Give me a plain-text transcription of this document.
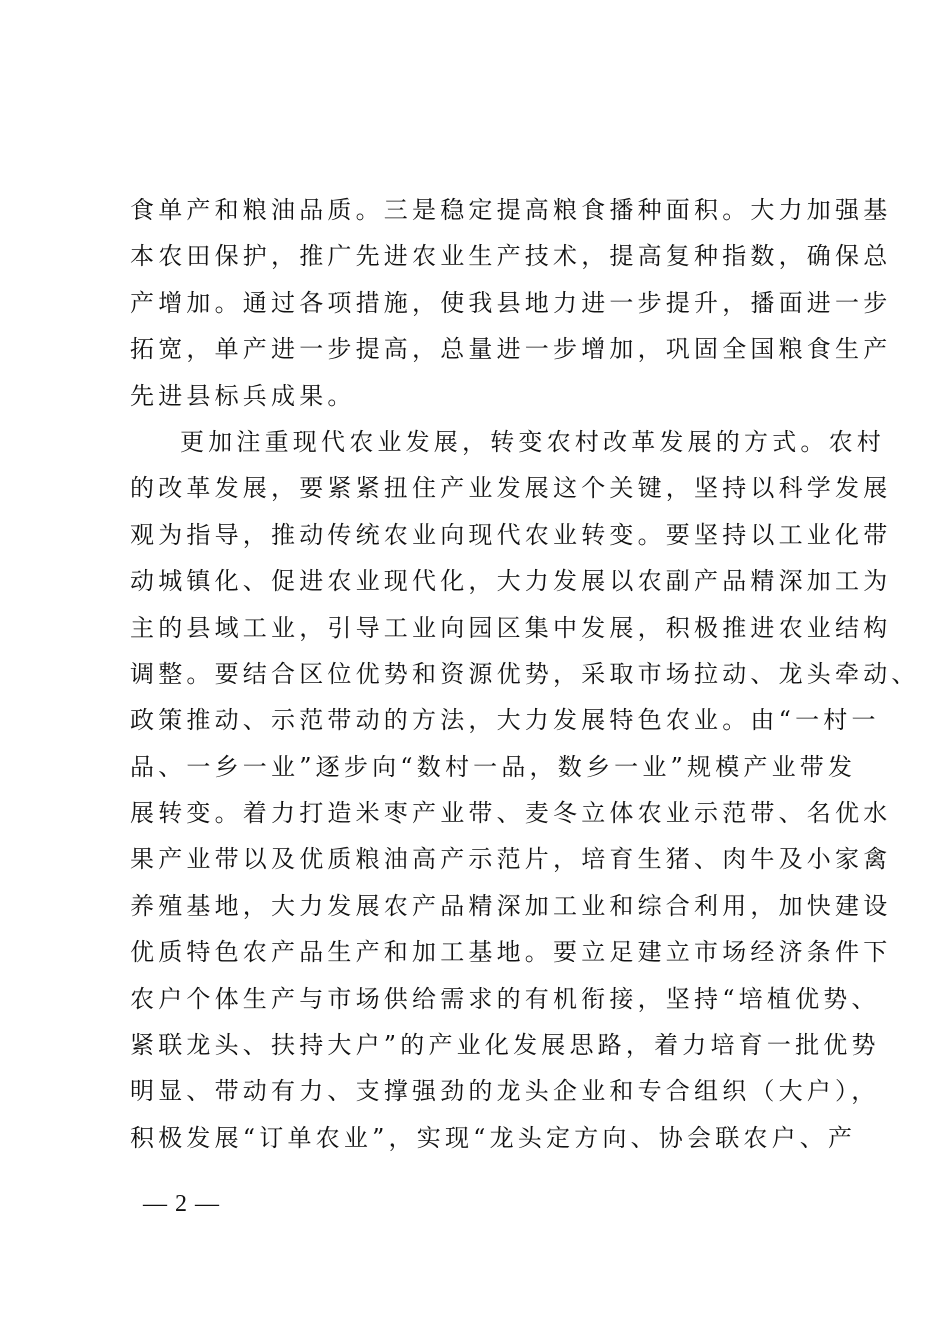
食单产和粮油品质。三是稳定提高粮食播种面积。大力加强基
本农田保护，推广先进农业生产技术，提高复种指数，确保总
产增加。通过各项措施，使我县地力进一步提升，播面进一步
拓宽，单产进一步提高，总量进一步增加，巩固全国粮食生产
先进县标兵成果。
更加注重现代农业发展，转变农村改革发展的方式。农村
的改革发展，要紧紧扭住产业发展这个关键，坚持以科学发展
观为指导，推动传统农业向现代农业转变。要坚持以工业化带
动城镇化、促进农业现代化，大力发展以农副产品精深加工为
主的县域工业，引导工业向园区集中发展，积极推进农业结构
调整。要结合区位优势和资源优势，采取市场拉动、龙头牵动、
政策推动、示范带动的方法，大力发展特色农业。由“一村一
品、一乡一业”逐步向“数村一品，数乡一业”规模产业带发
展转变。着力打造米枣产业带、麦冬立体农业示范带、名优水
果产业带以及优质粮油高产示范片，培育生猪、肉牛及小家禽
养殖基地，大力发展农产品精深加工业和综合利用，加快建设
优质特色农产品生产和加工基地。要立足建立市场经济条件下
农户个体生产与市场供给需求的有机衔接，坚持“培植优势、
紧联龙头、扶持大户”的产业化发展思路，着力培育一批优势
明显、带动有力、支撑强劲的龙头企业和专合组织（大户），
积极发展“订单农业”，实现“龙头定方向、协会联农户、产
— 2 —
